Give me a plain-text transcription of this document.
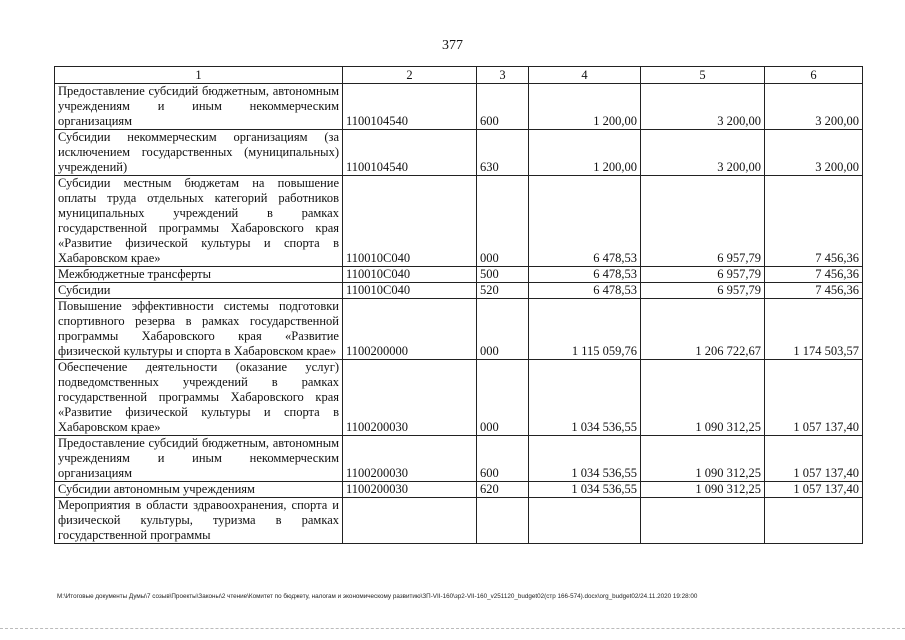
377
1	2	3	4	5	6
Предоставление субсидий бюджетным, автономным учреждениям и иным некоммерческим организациям	1100104540	600	1 200,00	3 200,00	3 200,00
Субсидии некоммерческим организациям (за исключением государственных (муниципальных) учреждений)	1100104540	630	1 200,00	3 200,00	3 200,00
Субсидии местным бюджетам на повышение оплаты труда отдельных категорий работников муниципальных учреждений в рамках государственной программы Хабаровского края «Развитие физической культуры и спорта в Хабаровском крае»	110010С040	000	6 478,53	6 957,79	7 456,36
Межбюджетные трансферты	110010С040	500	6 478,53	6 957,79	7 456,36
Субсидии	110010С040	520	6 478,53	6 957,79	7 456,36
Повышение эффективности системы подготовки спортивного резерва в рамках государственной программы Хабаровского края «Развитие физической культуры и спорта в Хабаровском крае»	1100200000	000	1 115 059,76	1 206 722,67	1 174 503,57
Обеспечение деятельности (оказание услуг) подведомственных учреждений в рамках государственной программы Хабаровского края «Развитие физической культуры и спорта в Хабаровском крае»	1100200030	000	1 034 536,55	1 090 312,25	1 057 137,40
Предоставление субсидий бюджетным, автономным учреждениям и иным некоммерческим организациям	1100200030	600	1 034 536,55	1 090 312,25	1 057 137,40
Субсидии автономным учреждениям	1100200030	620	1 034 536,55	1 090 312,25	1 057 137,40
Мероприятия в области здравоохранения, спорта и физической культуры, туризма в рамках государственной программы					
M:\Итоговые документы Думы\7 созыв\Проекты\Законы\2 чтение\Комитет по бюджету, налогам и экономическому развитию\ЗП-VII-160\зр2-VII-160_v251120_budget02(стр 166-574).docx\org_budget02/24.11.2020 19:28:00
